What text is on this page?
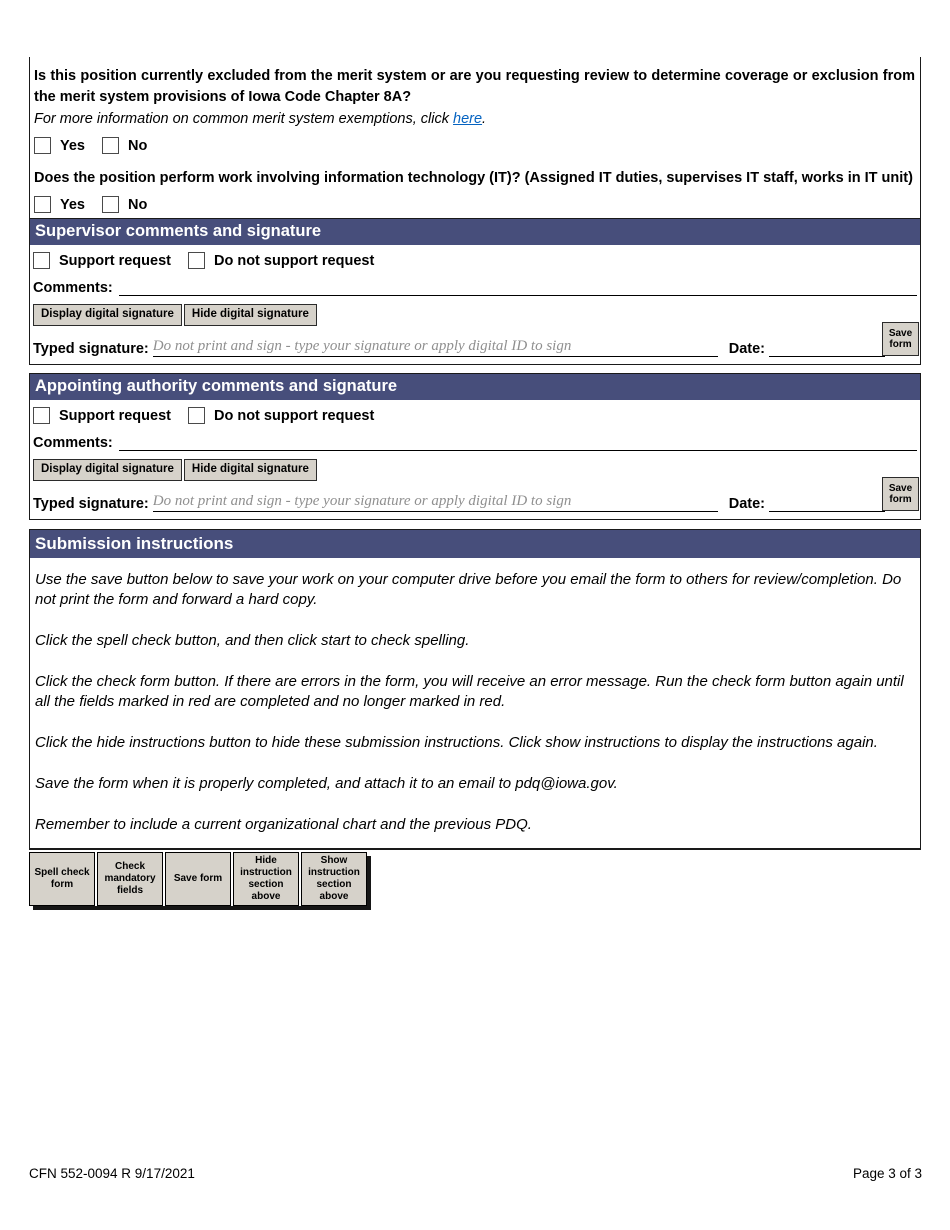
Is this position currently excluded from the merit system or are you requesting review to determine coverage or exclusion from the merit system provisions of Iowa Code Chapter 8A?

For more information on common merit system exemptions, click here.

Yes	No

Does the position perform work involving information technology (IT)? (Assigned IT duties, supervises IT staff, works in IT unit)

Yes	No
Supervisor comments and signature
Support request	Do not support request
Comments:
Display digital signature	Hide digital signature
Typed signature: Do not print and sign - type your signature or apply digital ID to sign	Date:
Save form
Appointing authority comments and signature
Support request	Do not support request
Comments:
Display digital signature	Hide digital signature
Typed signature: Do not print and sign - type your signature or apply digital ID to sign	Date:
Save form
Submission instructions

Use the save button below to save your work on your computer drive before you email the form to others for review/completion. Do not print the form and forward a hard copy.

Click the spell check button, and then click start to check spelling.

Click the check form button. If there are errors in the form, you will receive an error message. Run the check form button again until all the fields marked in red are completed and no longer marked in red.

Click the hide instructions button to hide these submission instructions. Click show instructions to display the instructions again.

Save the form when it is properly completed, and attach it to an email to pdq@iowa.gov.

Remember to include a current organizational chart and the previous PDQ.

Spell check form
Check mandatory fields
Save form
Hide instruction section above
Show instruction section above
CFN 552-0094 R 9/17/2021	Page 3 of 3
